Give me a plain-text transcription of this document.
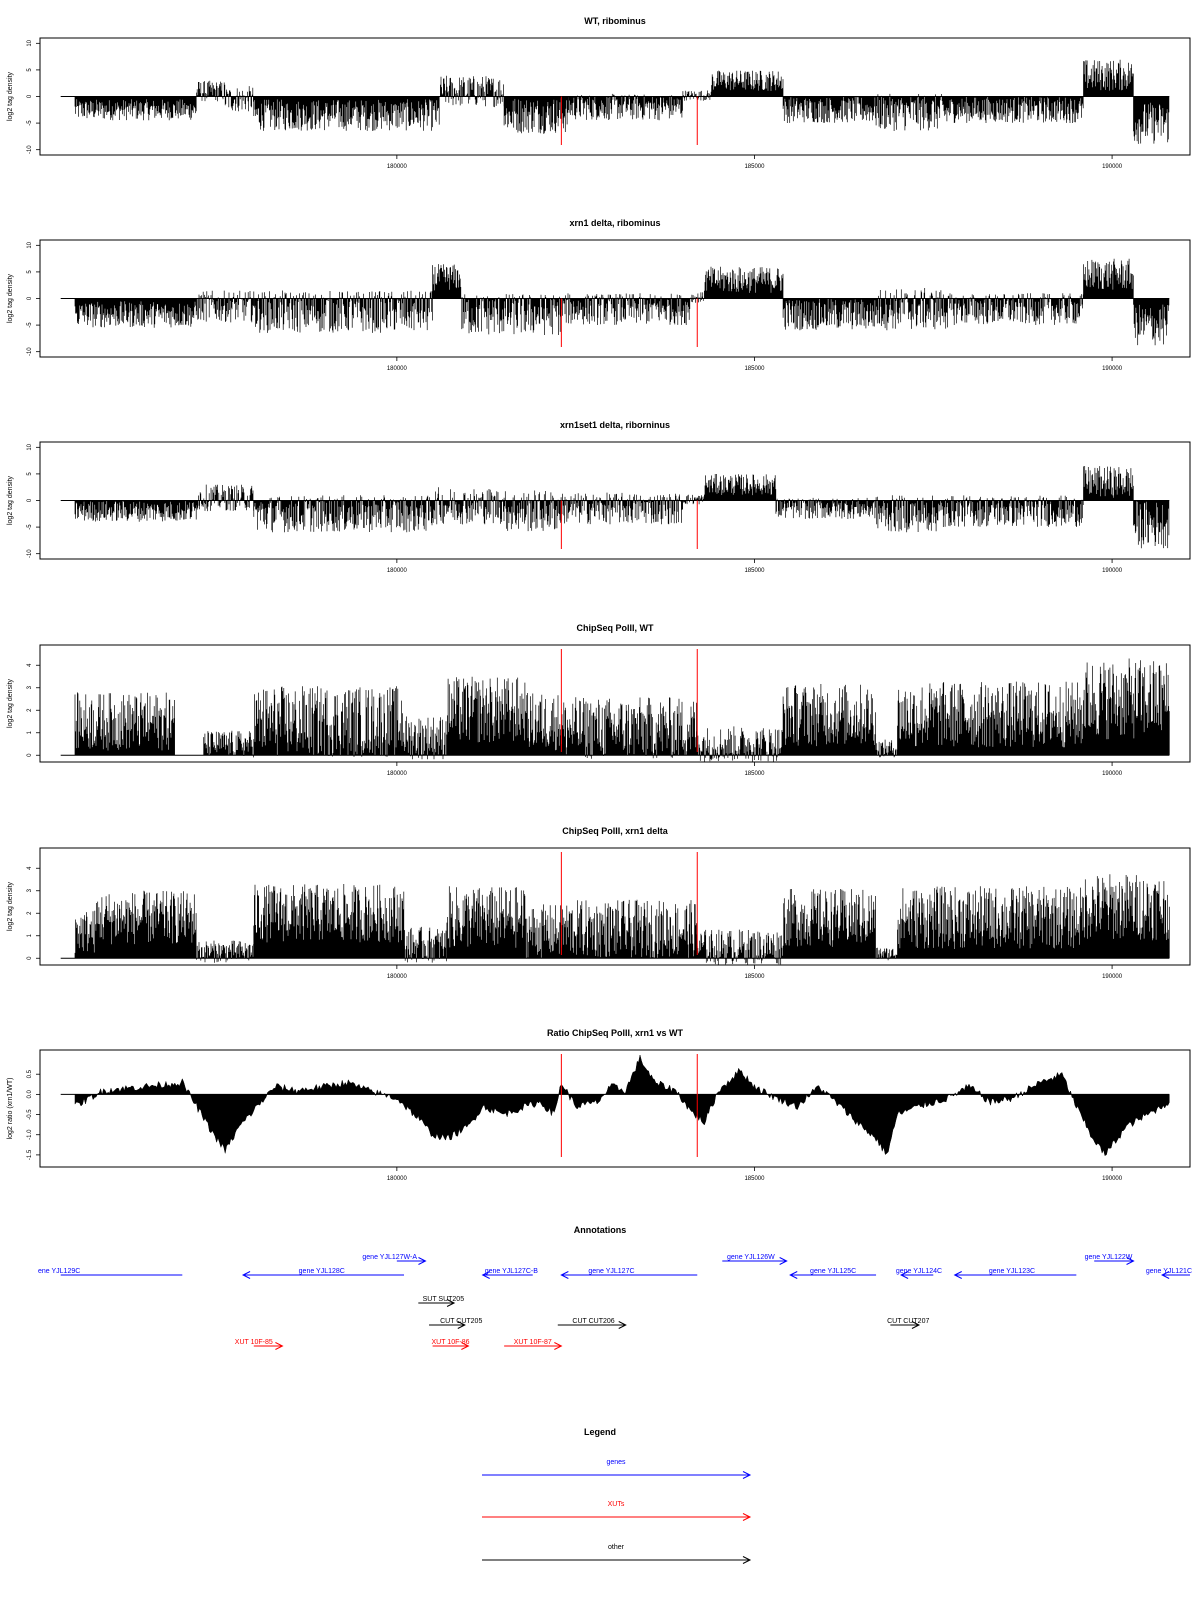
WT, ribominus
-10
-5
0
5
10
log2 tag density
180000	185000	190000
xrn1 delta, ribominus
-10
-5
0
5
10
log2 tag density
180000	185000	190000
xrn1set1 delta, riborninus
-10
-5
0
5
10
log2 tag density
180000	185000	190000
ChipSeq PolII, WT
0
1
2
3
4
log2 tag density
180000	185000	190000
ChipSeq PolII, xrn1 delta
0
1
2
3
4
log2 tag density
180000	185000	190000
Ratio ChipSeq PolII, xrn1 vs WT
-1.5
-1.0
-0.5
0.0
0.5
log2 ratio (xrn1/WT)
180000	185000	190000
Annotations
ene YJL129C	gene YJL128C
gene YJL127W-A
gene YJL127C-B	gene YJL127C
gene YJL126W
gene YJL125C	gene YJL124C	gene YJL123C
gene YJL122W
gene YJL121C
SUT SUT205
CUT CUT205	CUT CUT206	CUT CUT207
XUT 10F-85	XUT 10F-86	XUT 10F-87
Legend
genes
XUTs
other
